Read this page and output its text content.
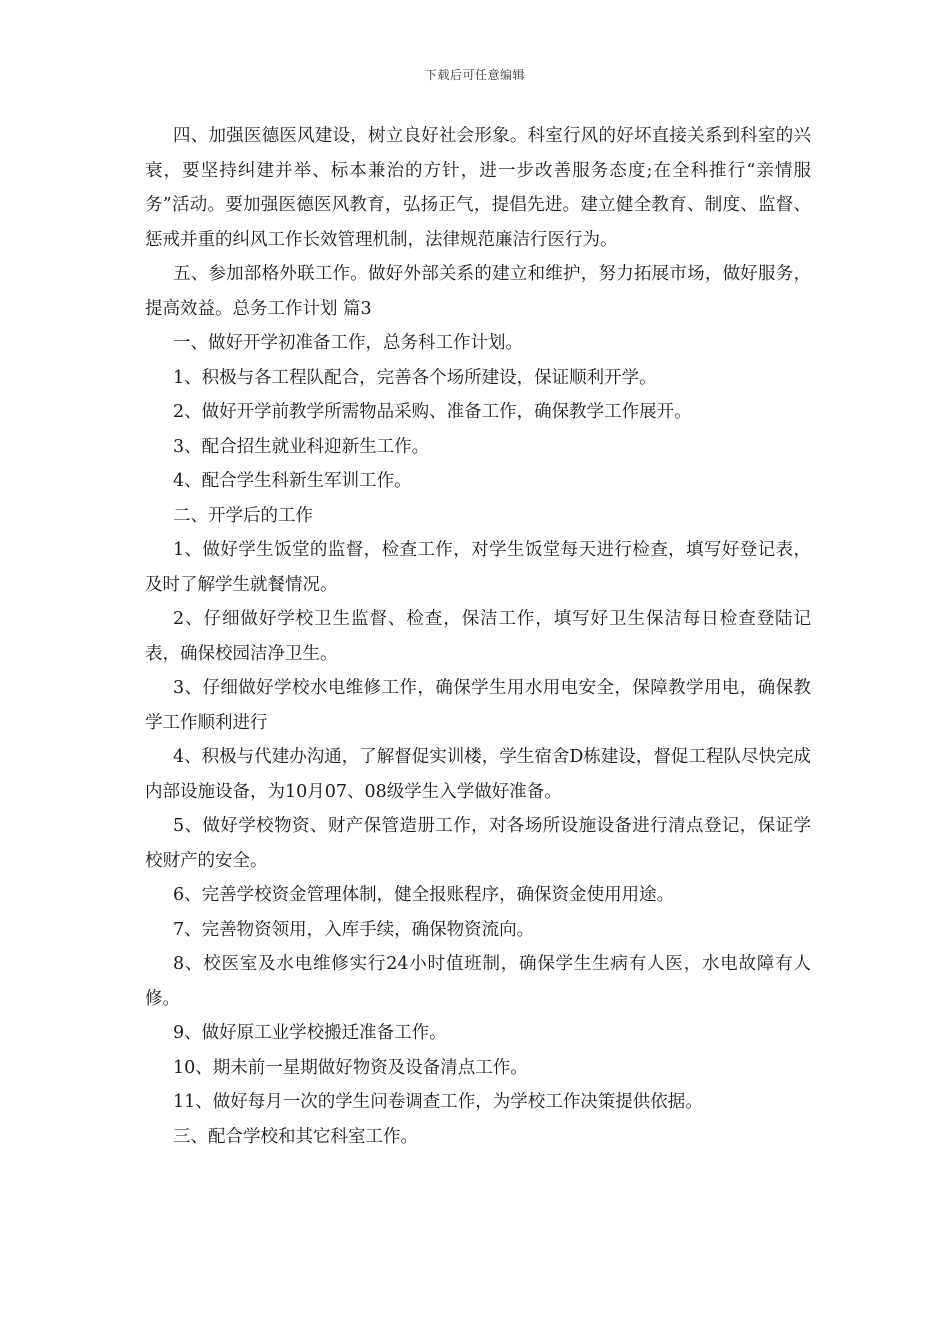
下载后可任意编辑

四、加强医德医风建设，树立良好社会形象。科室行风的好坏直接关系到科室的兴衰，要坚持纠建并举、标本兼治的方针，进一步改善服务态度;在全科推行“亲情服务”活动。要加强医德医风教育，弘扬正气，提倡先进。建立健全教育、制度、监督、惩戒并重的纠风工作长效管理机制，法律规范廉洁行医行为。

五、参加部格外联工作。做好外部关系的建立和维护，努力拓展市场，做好服务，提高效益。总务工作计划 篇3

一、做好开学初准备工作，总务科工作计划。

1、积极与各工程队配合，完善各个场所建设，保证顺利开学。

2、做好开学前教学所需物品采购、准备工作，确保教学工作展开。

3、配合招生就业科迎新生工作。

4、配合学生科新生军训工作。

二、开学后的工作

1、做好学生饭堂的监督，检查工作，对学生饭堂每天进行检查，填写好登记表，及时了解学生就餐情况。

2、仔细做好学校卫生监督、检查，保洁工作，填写好卫生保洁每日检查登陆记表，确保校园洁净卫生。

3、仔细做好学校水电维修工作，确保学生用水用电安全，保障教学用电，确保教学工作顺利进行

4、积极与代建办沟通，了解督促实训楼，学生宿舍D栋建设，督促工程队尽快完成内部设施设备，为10月07、08级学生入学做好准备。

5、做好学校物资、财产保管造册工作，对各场所设施设备进行清点登记，保证学校财产的安全。

6、完善学校资金管理体制，健全报账程序，确保资金使用用途。

7、完善物资领用，入库手续，确保物资流向。

8、校医室及水电维修实行24小时值班制，确保学生生病有人医，水电故障有人修。

9、做好原工业学校搬迁准备工作。

10、期未前一星期做好物资及设备清点工作。

11、做好每月一次的学生问卷调查工作，为学校工作决策提供依据。

三、配合学校和其它科室工作。
